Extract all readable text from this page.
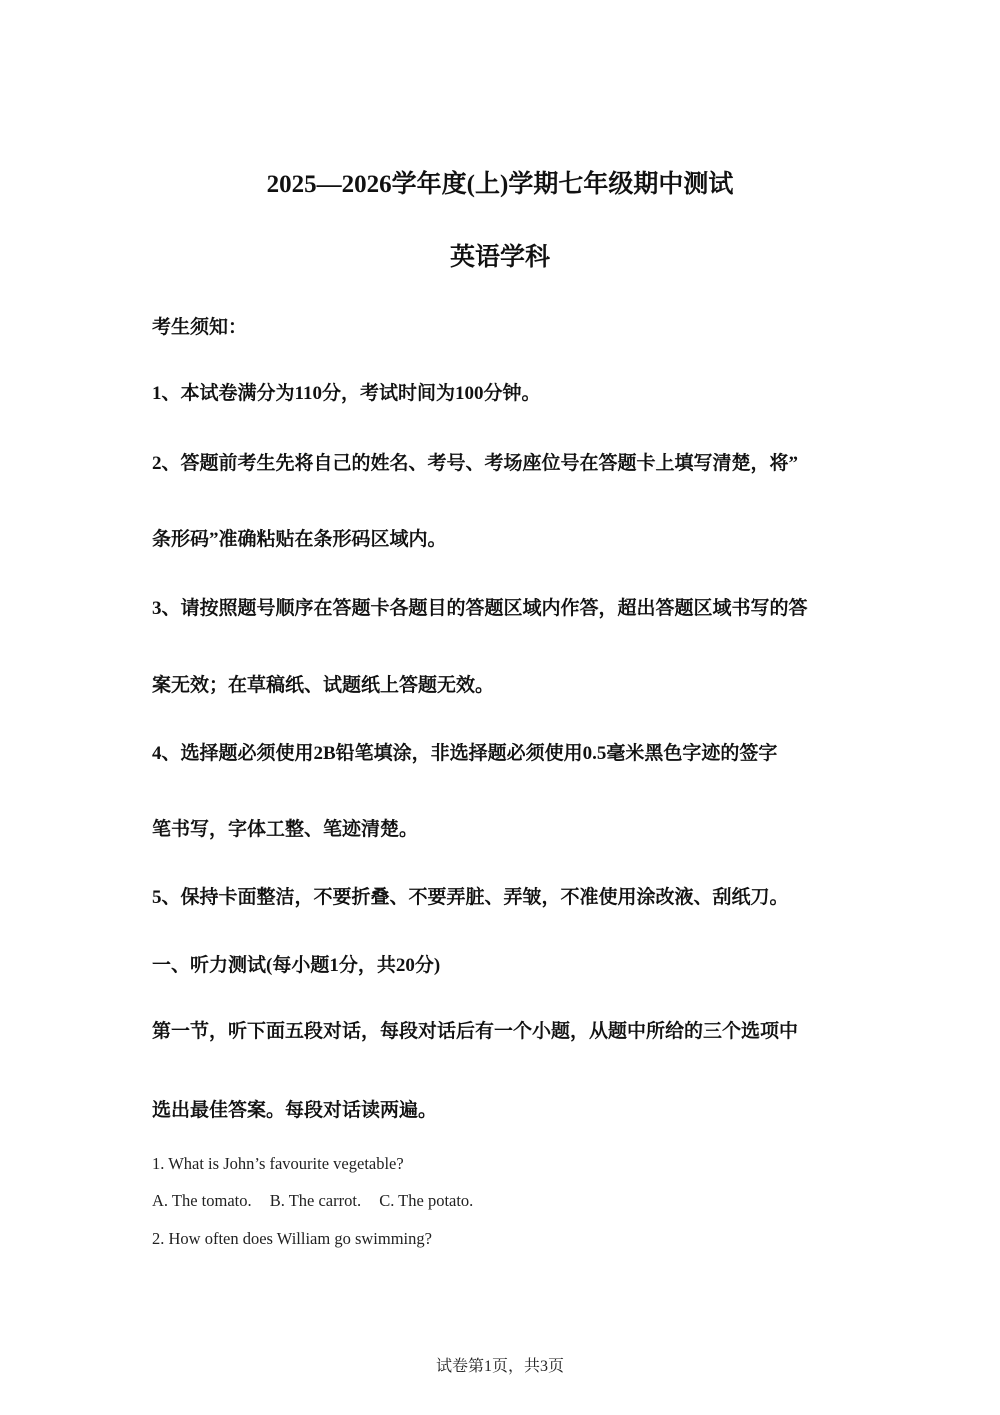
2025—2026学年度(上)学期七年级期中测试
英语学科
考生须知：
1、本试卷满分为110分，考试时间为100分钟。
2、答题前考生先将自己的姓名、考号、考场座位号在答题卡上填写清楚，将”
条形码”准确粘贴在条形码区域内。
3、请按照题号顺序在答题卡各题目的答题区域内作答，超出答题区域书写的答
案无效；在草稿纸、试题纸上答题无效。
4、选择题必须使用2B铅笔填涂，非选择题必须使用0.5毫米黑色字迹的签字
笔书写，字体工整、笔迹清楚。
5、保持卡面整洁，不要折叠、不要弄脏、弄皱，不准使用涂改液、刮纸刀。
一、听力测试(每小题1分，共20分)
第一节，听下面五段对话，每段对话后有一个小题，从题中所给的三个选项中
选出最佳答案。每段对话读两遍。
1. What is John’s favourite vegetable?
A. The tomato. B. The carrot. C. The potato.
2. How often does William go swimming?
试卷第1页，共3页
